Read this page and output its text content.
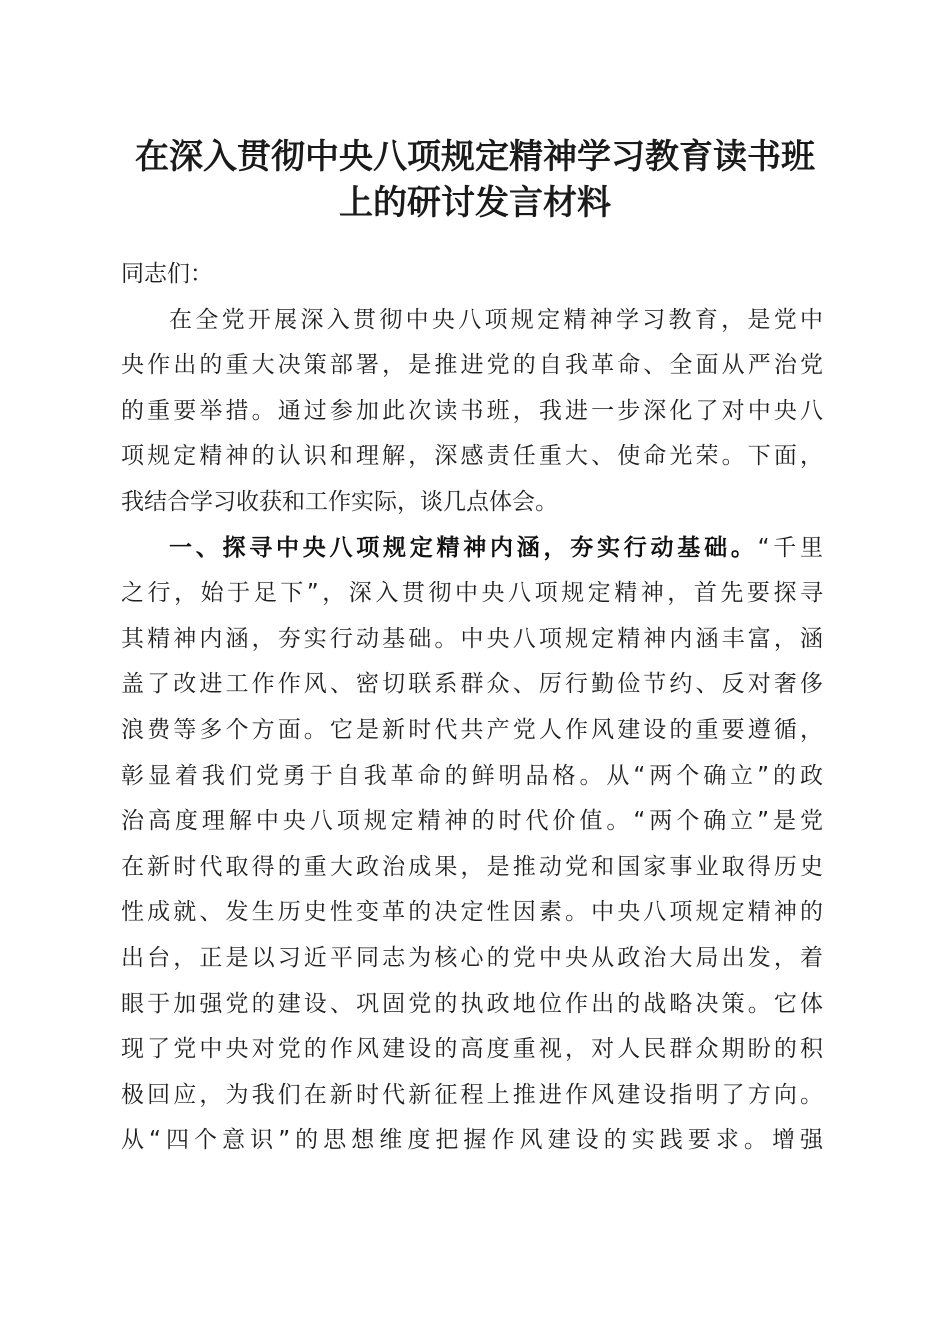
在深入贯彻中央八项规定精神学习教育读书班
上的研讨发言材料
同志们：
在全党开展深入贯彻中央八项规定精神学习教育，是党中
央作出的重大决策部署，是推进党的自我革命、全面从严治党
的重要举措。通过参加此次读书班，我进一步深化了对中央八
项规定精神的认识和理解，深感责任重大、使命光荣。下面，
我结合学习收获和工作实际，谈几点体会。
一、探寻中央八项规定精神内涵，夯实行动基础。“千里
之行，始于足下”，深入贯彻中央八项规定精神，首先要探寻
其精神内涵，夯实行动基础。中央八项规定精神内涵丰富，涵
盖了改进工作作风、密切联系群众、厉行勤俭节约、反对奢侈
浪费等多个方面。它是新时代共产党人作风建设的重要遵循，
彰显着我们党勇于自我革命的鲜明品格。从“两个确立”的政
治高度理解中央八项规定精神的时代价值。“两个确立”是党
在新时代取得的重大政治成果，是推动党和国家事业取得历史
性成就、发生历史性变革的决定性因素。中央八项规定精神的
出台，正是以习近平同志为核心的党中央从政治大局出发，着
眼于加强党的建设、巩固党的执政地位作出的战略决策。它体
现了党中央对党的作风建设的高度重视，对人民群众期盼的积
极回应，为我们在新时代新征程上推进作风建设指明了方向。
从“四个意识”的思想维度把握作风建设的实践要求。增强
